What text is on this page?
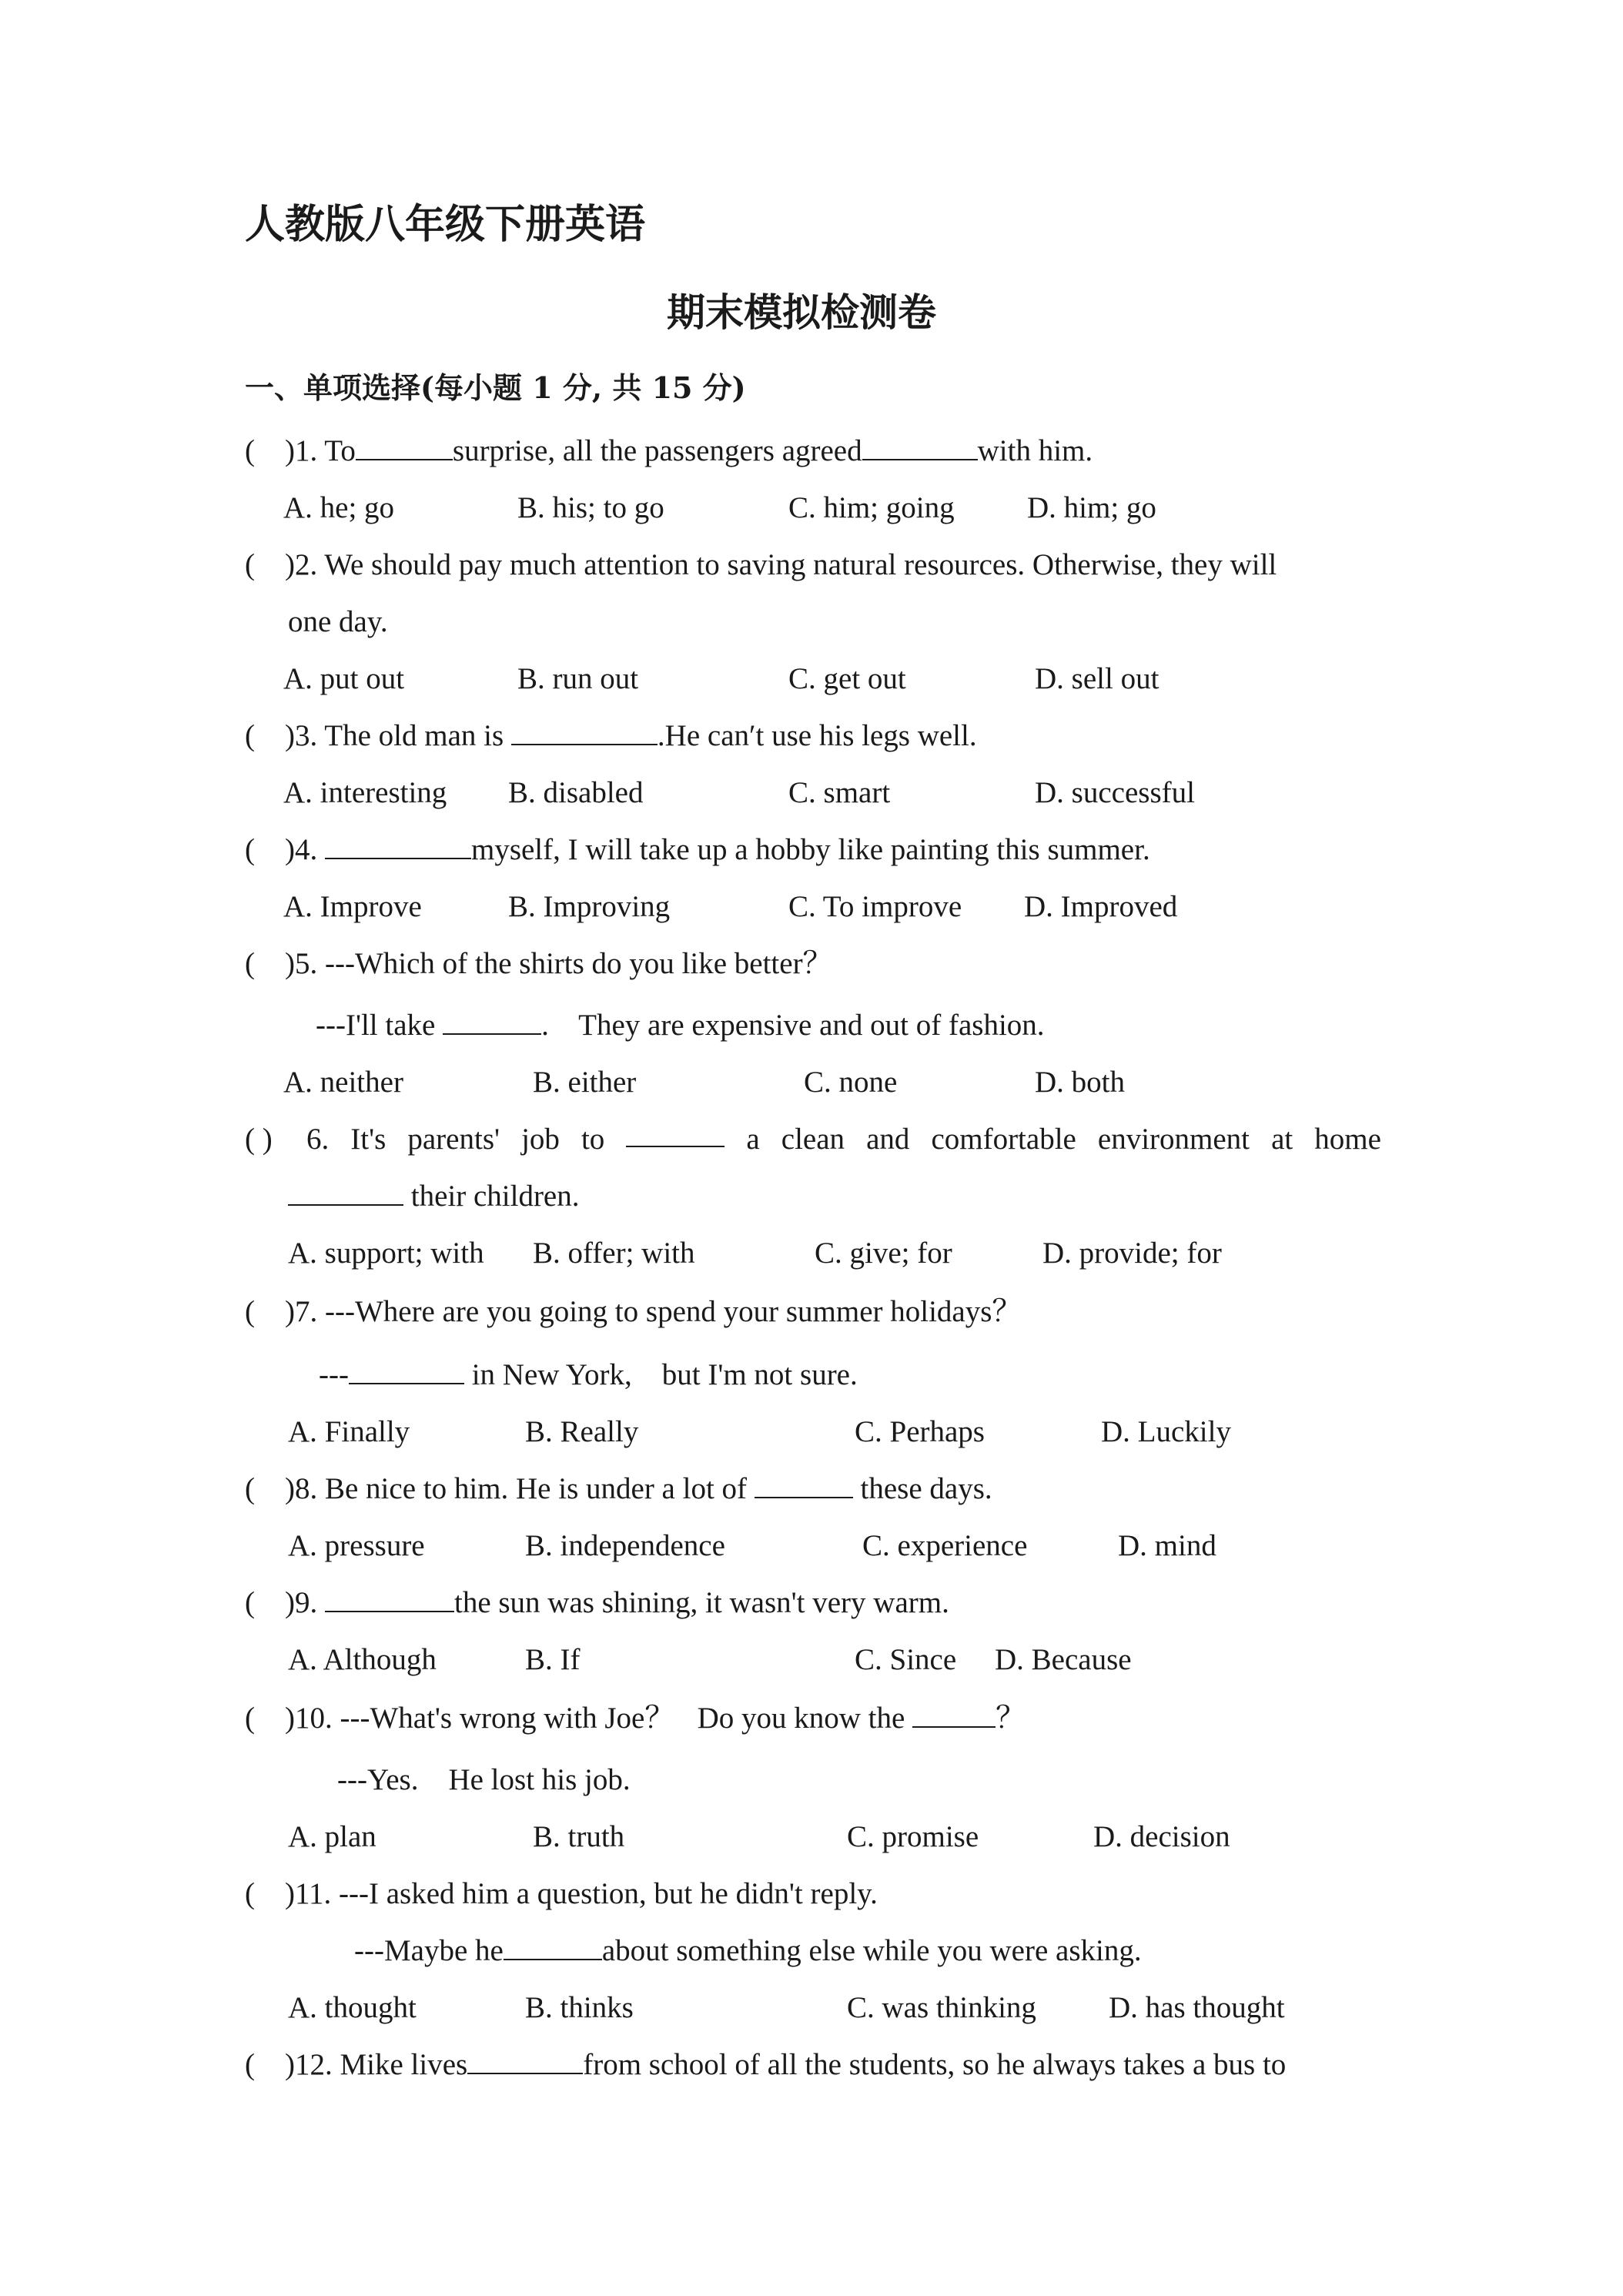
人教版八年级下册英语
期末模拟检测卷
一、单项选择(每小题 1 分, 共 15 分)
(    )1. To	surprise, all the passengers agreed	with him.
A. he; go	B. his; to go	C. him; going D. him; go
(    )2. We should pay much attention to saving natural resources. Otherwise, they will
one day.
A. put out	B. run out	C. get out	D. sell out
(    )3. The old man is	.He can′t use his legs well.
A. interesting B. disabled	C. smart	D. successful
(    )4.	myself, I will take up a hobby like painting this summer.
A. Improve	B. Improving	C. To improve D. Improved
(    )5. ---Which of the shirts do you like better？
---I'll take	.    They are expensive and out of fashion.
A. neither	B. either	C. none	D. both
( ) 6. It's parents' job to	a clean and comfortable environment at home
their children.
A. support; with B. offer; with	C. give; for	D. provide; for
(    )7. ---Where are you going to spend your summer holidays？
---	in New York,    but I'm not sure.
A. Finally	B. Really	C. Perhaps	D. Luckily
(    )8. Be nice to him. He is under a lot of	these days.
A. pressure	B. independence	C. experience	D. mind
(    )9.	the sun was shining, it wasn't very warm.
A. Although	B. If	C. Since D. Because
(    )10. ---What's wrong with Joe？   Do you know the	？
---Yes.    He lost his job.
A. plan	B. truth	C. promise	D. decision
(    )11. ---I asked him a question, but he didn't reply.
---Maybe he	about something else while you were asking.
A. thought	B. thinks	C. was thinking D. has thought
(    )12. Mike lives	from school of all the students, so he always takes a bus to
